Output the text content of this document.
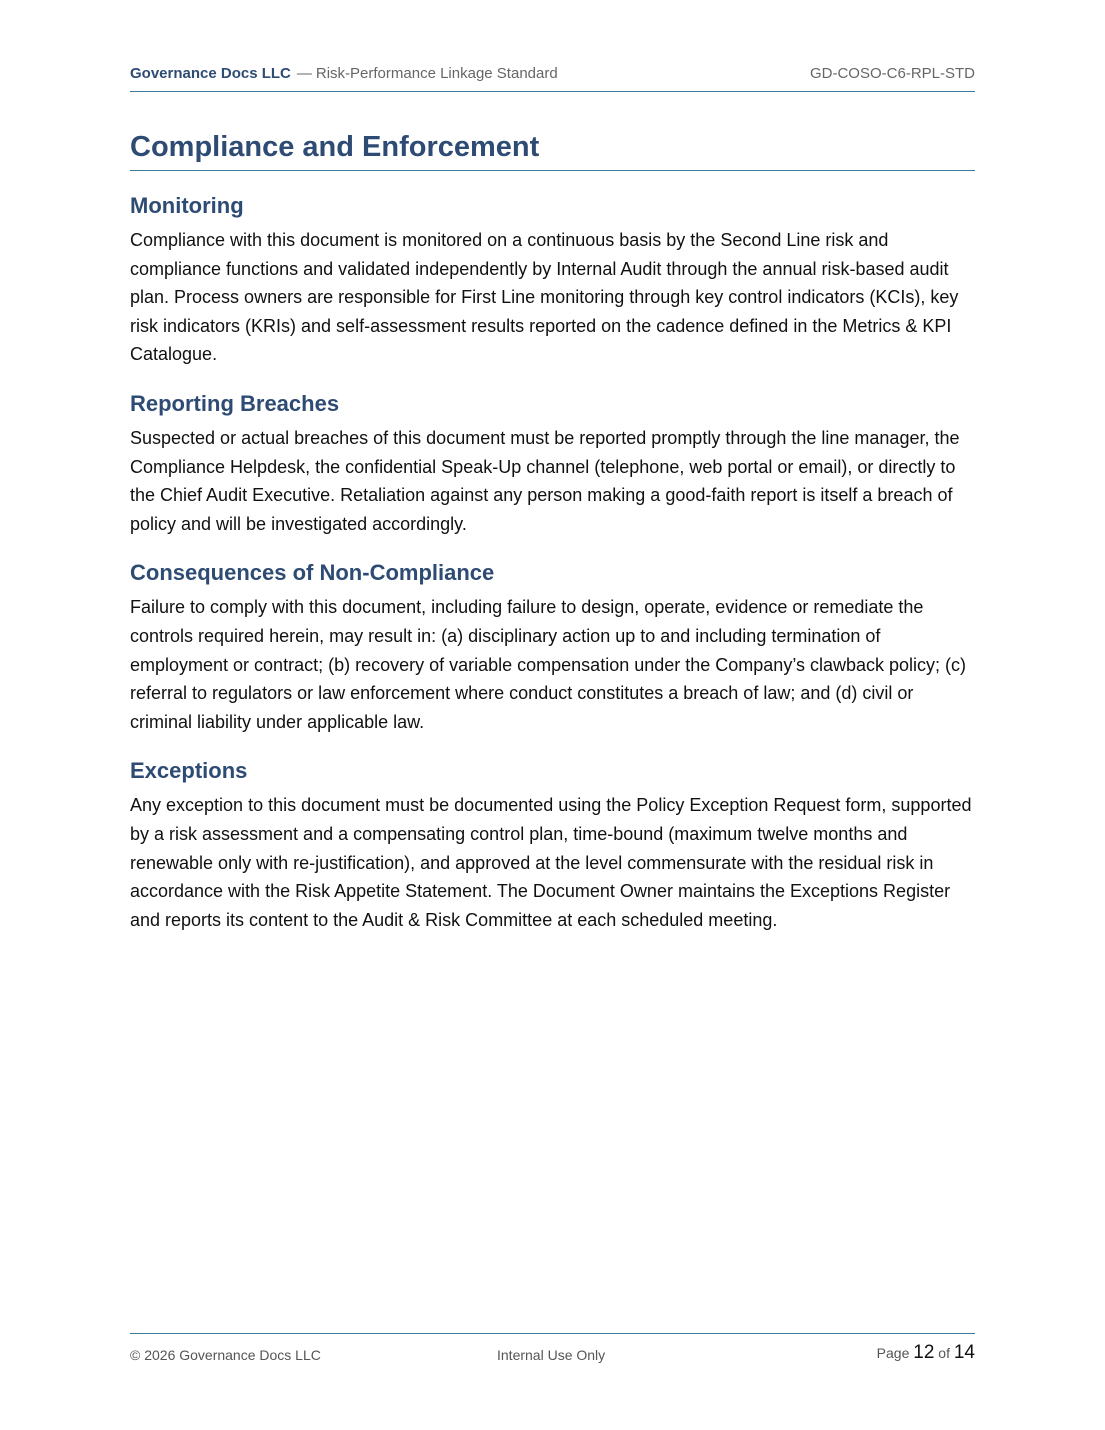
Governance Docs LLC — Risk-Performance Linkage Standard	GD-COSO-C6-RPL-STD
Compliance and Enforcement
Monitoring

Compliance with this document is monitored on a continuous basis by the Second Line risk and compliance functions and validated independently by Internal Audit through the annual risk-based audit plan. Process owners are responsible for First Line monitoring through key control indicators (KCIs), key risk indicators (KRIs) and self-assessment results reported on the cadence defined in the Metrics & KPI Catalogue.

Reporting Breaches

Suspected or actual breaches of this document must be reported promptly through the line manager, the Compliance Helpdesk, the confidential Speak-Up channel (telephone, web portal or email), or directly to the Chief Audit Executive. Retaliation against any person making a good-faith report is itself a breach of policy and will be investigated accordingly.

Consequences of Non-Compliance

Failure to comply with this document, including failure to design, operate, evidence or remediate the controls required herein, may result in: (a) disciplinary action up to and including termination of employment or contract; (b) recovery of variable compensation under the Company’s clawback policy; (c) referral to regulators or law enforcement where conduct constitutes a breach of law; and (d) civil or criminal liability under applicable law.

Exceptions

Any exception to this document must be documented using the Policy Exception Request form, supported by a risk assessment and a compensating control plan, time-bound (maximum twelve months and renewable only with re-justification), and approved at the level commensurate with the residual risk in accordance with the Risk Appetite Statement. The Document Owner maintains the Exceptions Register and reports its content to the Audit & Risk Committee at each scheduled meeting.

© 2026 Governance Docs LLC	Internal Use Only	Page 12 of 14
